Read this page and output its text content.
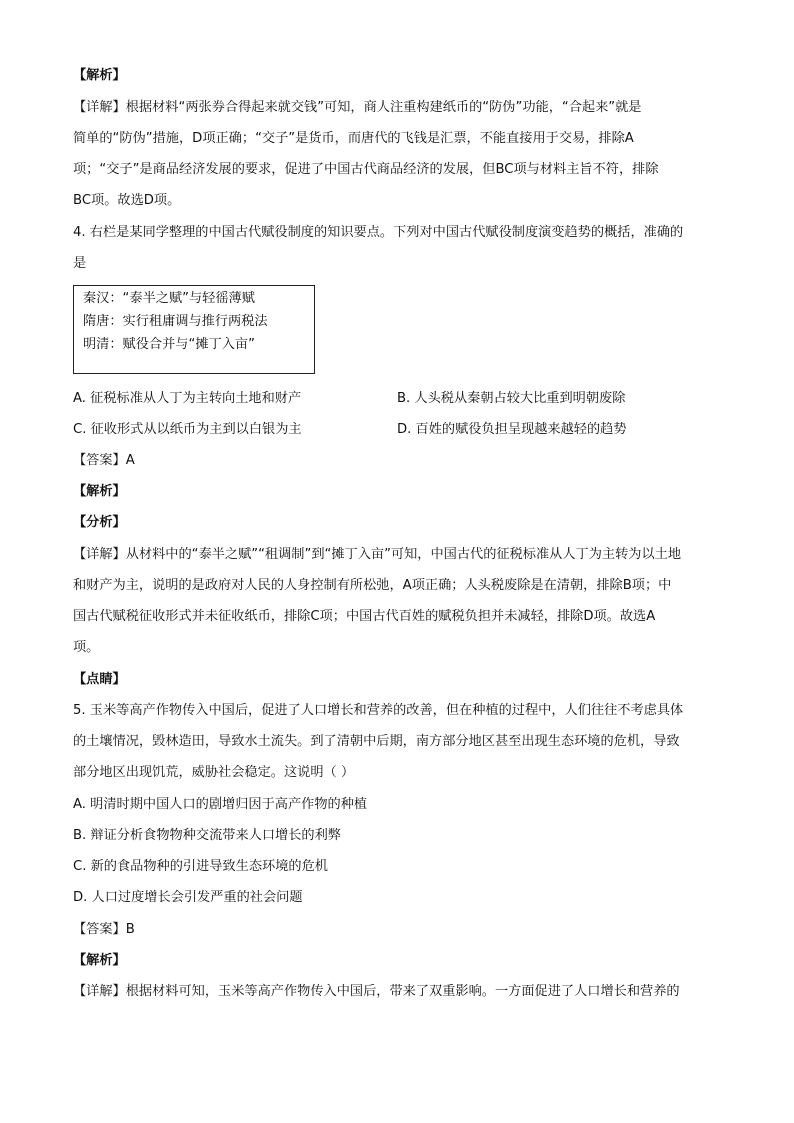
【解析】
【详解】根据材料“两张券合得起来就交钱”可知，商人注重构建纸币的“防伪”功能，“合起来”就是
简单的“防伪”措施，D项正确；“交子”是货币，而唐代的飞钱是汇票，不能直接用于交易，排除A
项；“交子”是商品经济发展的要求，促进了中国古代商品经济的发展，但BC项与材料主旨不符，排除
BC项。故选D项。
4. 右栏是某同学整理的中国古代赋役制度的知识要点。下列对中国古代赋役制度演变趋势的概括，准确的
是
秦汉：“泰半之赋”与轻徭薄赋
隋唐：实行租庸调与推行两税法
明清：赋役合并与“摊丁入亩”
A. 征税标准从人丁为主转向土地和财产	B. 人头税从秦朝占较大比重到明朝废除
C. 征收形式从以纸币为主到以白银为主	D. 百姓的赋役负担呈现越来越轻的趋势
【答案】A
【解析】
【分析】
【详解】从材料中的“泰半之赋”“租调制”到“摊丁入亩”可知，中国古代的征税标准从人丁为主转为以土地
和财产为主，说明的是政府对人民的人身控制有所松弛，A项正确；人头税废除是在清朝，排除B项；中
国古代赋税征收形式并未征收纸币，排除C项；中国古代百姓的赋税负担并未减轻，排除D项。故选A
项。
【点睛】
5. 玉米等高产作物传入中国后，促进了人口增长和营养的改善，但在种植的过程中，人们往往不考虑具体
的土壤情况，毁林造田，导致水土流失。到了清朝中后期，南方部分地区甚至出现生态环境的危机，导致
部分地区出现饥荒，威胁社会稳定。这说明（ ）
A. 明清时期中国人口的剧增归因于高产作物的种植
B. 辩证分析食物物种交流带来人口增长的利弊
C. 新的食品物种的引进导致生态环境的危机
D. 人口过度增长会引发严重的社会问题
【答案】B
【解析】
【详解】根据材料可知，玉米等高产作物传入中国后，带来了双重影响。一方面促进了人口增长和营养的
